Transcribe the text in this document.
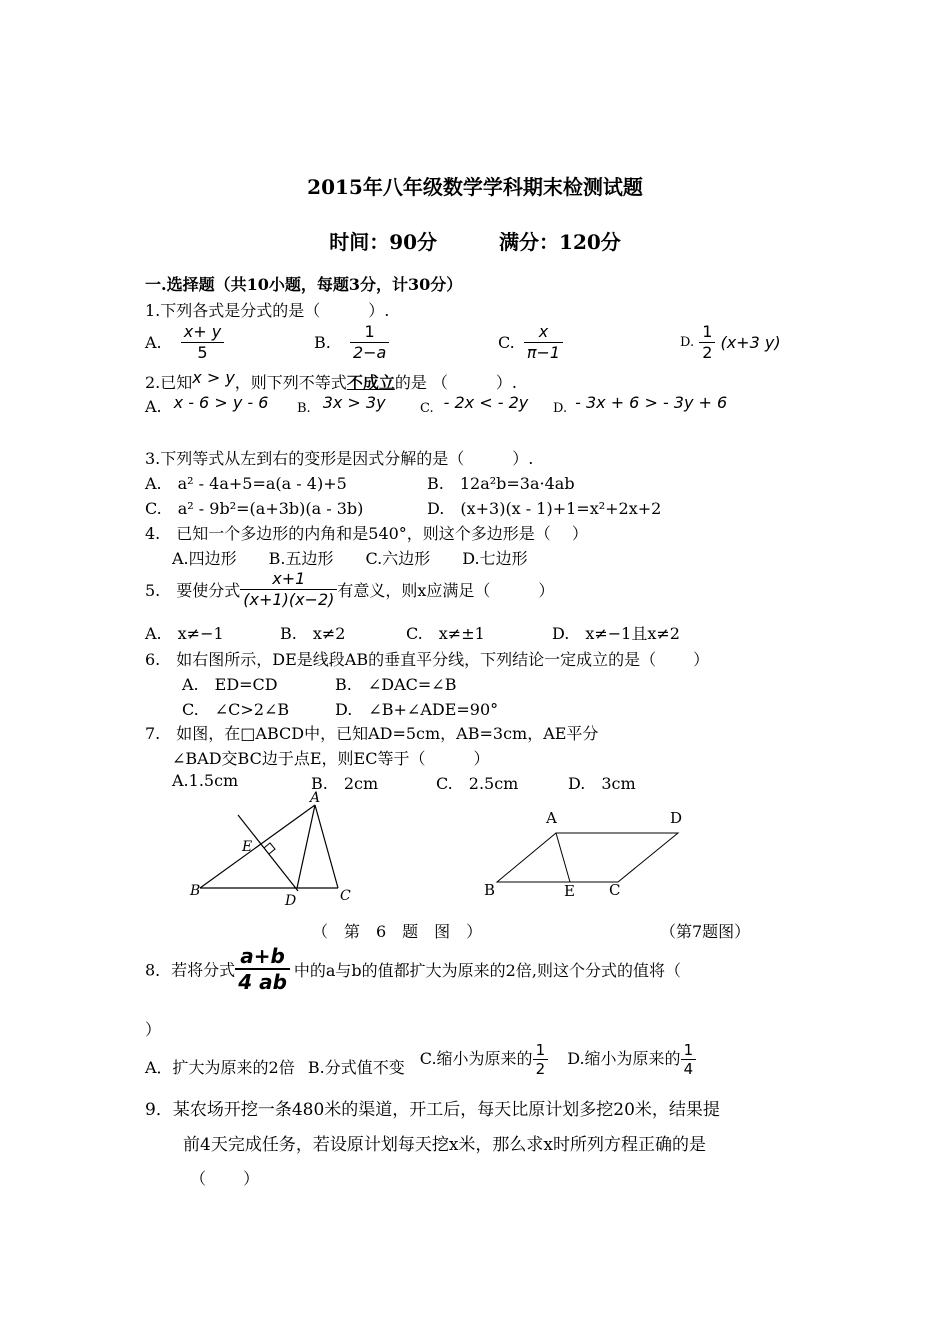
2015年八年级数学学科期末检测试题
时间：90分	满分：120分
一.选择题（共10小题，每题3分，计30分）
1.下列各式是分式的是（　　　）.
A. $\frac{x+ y}{5}$	B. $\frac{1}{2-a}$	C. $\frac{x}{\pi-1}$	D. $\frac{1}{2} (x+3$ y)
2.已知x > y，则下列不等式不成立的是 （　　　）.
A. x - 6 > y - 6 B. 3x > 3y	C. - 2x < - 2y D. - 3x + 6 > - 3y + 6
3.下列等式从左到右的变形是因式分解的是（　　　）.
A.　a² - 4a+5=a(a - 4)+5	B.　12a²b=3a·4ab
C.　a² - 9b²=(a+3b)(a - 3b)	D.　(x+3)(x - 1)+1=x²+2x+2
4.　已知一个多边形的内角和是540°，则这个多边形是（　 ）
A.四边形　　B.五边形　　C.六边形　　D.七边形
5.　要使分式 $\frac{x+1}{(x+1)(x-2)}$ 有意义，则x应满足（　　　）
A.　x≠−1	B.　x≠2	C.　x≠±1	D.　x≠−1且x≠2
6.　如右图所示，DE是线段AB的垂直平分线，下列结论一定成立的是（　　 ）
A.　ED=CD	B.　∠DAC=∠B
C.　∠C>2∠B	D.　∠B+∠ADE=90°
7.　如图，在□ABCD中，已知AD=5cm，AB=3cm，AE平分
∠BAD交BC边于点E，则EC等于（　　　）
A.1.5cm	B.　2cm	C.　2.5cm	D.　3cm
A
B	C
D
E
（　第　6　题　图　）
A	D
B	E C
（第7题图）
8．若将分式 $\frac{a+b}{4 ab}$ 中的a与b的值都扩大为原来的2倍,则这个分式的值将（
）
A．扩大为原来的2倍 B.分式值不变 C.缩小为原来的 $\frac{1}{2} D$.缩小为原来的 $\frac{1}{4}$
9．某农场开挖一条480米的渠道，开工后，每天比原计划多挖20米，结果提
前4天完成任务，若设原计划每天挖x米，那么求x时所列方程正确的是
（　　 ）
